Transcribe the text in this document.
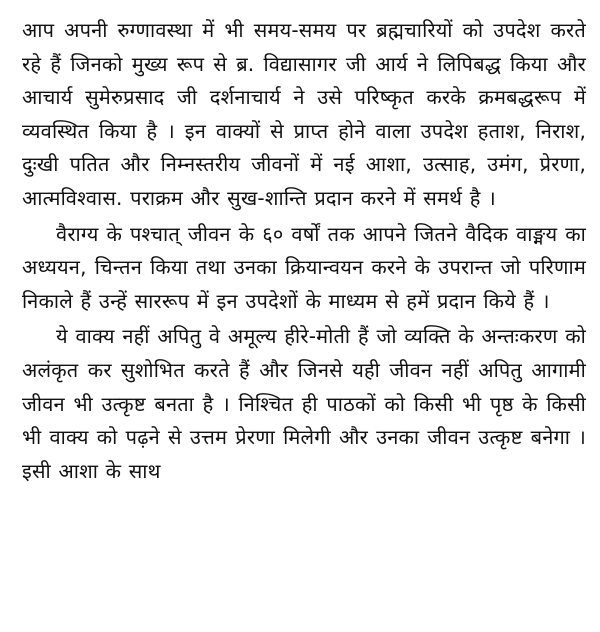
आप अपनी रुग्णावस्था में भी समय-समय पर ब्रह्मचारियों को उपदेश करते रहे हैं जिनको मुख्य रूप से ब्र. विद्यासागर जी आर्य ने लिपिबद्ध किया और आचार्य सुमेरुप्रसाद जी दर्शनाचार्य ने उसे परिष्कृत करके क्रमबद्धरूप में व्यवस्थित किया है । इन वाक्यों से प्राप्त होने वाला उपदेश हताश, निराश, दुःखी पतित और निम्नस्तरीय जीवनों में नई आशा, उत्साह, उमंग, प्रेरणा, आत्मविश्वास. पराक्रम और सुख-शान्ति प्रदान करने में समर्थ है ।

वैराग्य के पश्चात् जीवन के ६० वर्षों तक आपने जितने वैदिक वाङ्मय का अध्ययन, चिन्तन किया तथा उनका क्रियान्वयन करने के उपरान्त जो परिणाम निकाले हैं उन्हें साररूप में इन उपदेशों के माध्यम से हमें प्रदान किये हैं ।

ये वाक्य नहीं अपितु वे अमूल्य हीरे-मोती हैं जो व्यक्ति के अन्तःकरण को अलंकृत कर सुशोभित करते हैं और जिनसे यही जीवन नहीं अपितु आगामी जीवन भी उत्कृष्ट बनता है । निश्चित ही पाठकों को किसी भी पृष्ठ के किसी भी वाक्य को पढ़ने से उत्तम प्रेरणा मिलेगी और उनका जीवन उत्कृष्ट बनेगा । इसी आशा के साथ
